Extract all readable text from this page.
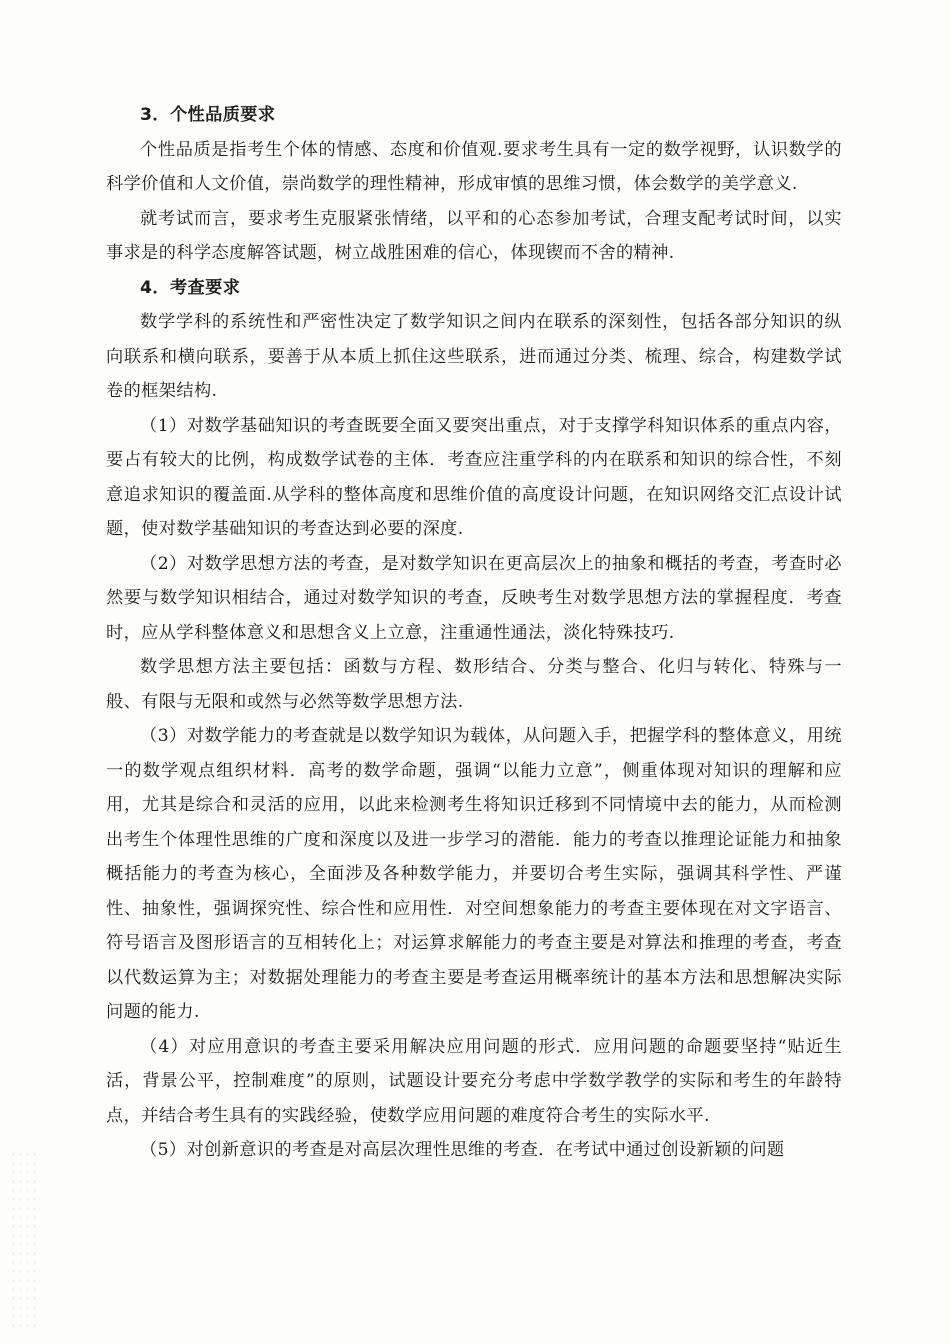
3．个性品质要求

个性品质是指考生个体的情感、态度和价值观.要求考生具有一定的数学视野，认识数学的科学价值和人文价值，崇尚数学的理性精神，形成审慎的思维习惯，体会数学的美学意义.

就考试而言，要求考生克服紧张情绪，以平和的心态参加考试，合理支配考试时间，以实事求是的科学态度解答试题，树立战胜困难的信心，体现锲而不舍的精神.

4．考查要求

数学学科的系统性和严密性决定了数学知识之间内在联系的深刻性，包括各部分知识的纵向联系和横向联系，要善于从本质上抓住这些联系，进而通过分类、梳理、综合，构建数学试卷的框架结构.

（1）对数学基础知识的考查既要全面又要突出重点，对于支撑学科知识体系的重点内容，要占有较大的比例，构成数学试卷的主体．考查应注重学科的内在联系和知识的综合性，不刻意追求知识的覆盖面.从学科的整体高度和思维价值的高度设计问题，在知识网络交汇点设计试题，使对数学基础知识的考查达到必要的深度.

（2）对数学思想方法的考查，是对数学知识在更高层次上的抽象和概括的考查，考查时必然要与数学知识相结合，通过对数学知识的考查，反映考生对数学思想方法的掌握程度．考查时，应从学科整体意义和思想含义上立意，注重通性通法，淡化特殊技巧.

数学思想方法主要包括：函数与方程、数形结合、分类与整合、化归与转化、特殊与一般、有限与无限和或然与必然等数学思想方法.

（3）对数学能力的考查就是以数学知识为载体，从问题入手，把握学科的整体意义，用统一的数学观点组织材料．高考的数学命题，强调“以能力立意”，侧重体现对知识的理解和应用，尤其是综合和灵活的应用，以此来检测考生将知识迁移到不同情境中去的能力，从而检测出考生个体理性思维的广度和深度以及进一步学习的潜能．能力的考查以推理论证能力和抽象概括能力的考查为核心，全面涉及各种数学能力，并要切合考生实际，强调其科学性、严谨性、抽象性，强调探究性、综合性和应用性．对空间想象能力的考查主要体现在对文字语言、符号语言及图形语言的互相转化上；对运算求解能力的考查主要是对算法和推理的考查，考查以代数运算为主；对数据处理能力的考查主要是考查运用概率统计的基本方法和思想解决实际问题的能力.

（4）对应用意识的考查主要采用解决应用问题的形式．应用问题的命题要坚持“贴近生活，背景公平，控制难度”的原则，试题设计要充分考虑中学数学教学的实际和考生的年龄特点，并结合考生具有的实践经验，使数学应用问题的难度符合考生的实际水平.

（5）对创新意识的考查是对高层次理性思维的考查．在考试中通过创设新颖的问题
